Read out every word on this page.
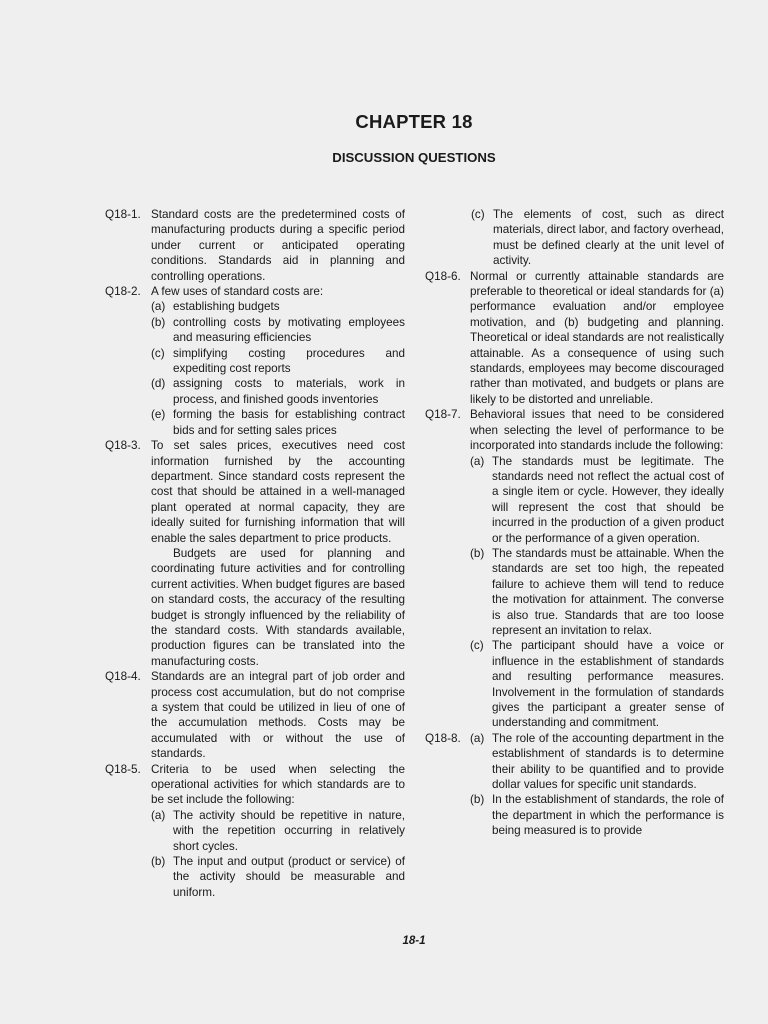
CHAPTER 18
DISCUSSION QUESTIONS
Q18-1. Standard costs are the predetermined costs of manufacturing products during a specific period under current or anticipated operating conditions. Standards aid in planning and controlling operations.

Q18-2. A few uses of standard costs are:

(a) establishing budgets
(b) controlling costs by motivating employees and measuring efficiencies
(c) simplifying costing procedures and expediting cost reports
(d) assigning costs to materials, work in process, and finished goods inventories
(e) forming the basis for establishing contract bids and for setting sales prices
Q18-3. To set sales prices, executives need cost information furnished by the accounting department. Since standard costs represent the cost that should be attained in a well-managed plant operated at normal capacity, they are ideally suited for furnishing information that will enable the sales department to price products.

Budgets are used for planning and coordinating future activities and for controlling current activities. When budget figures are based on standard costs, the accuracy of the resulting budget is strongly influenced by the reliability of the standard costs. With standards available, production figures can be translated into the manufacturing costs.

Q18-4. Standards are an integral part of job order and process cost accumulation, but do not comprise a system that could be utilized in lieu of one of the accumulation methods. Costs may be accumulated with or without the use of standards.

Q18-5. Criteria to be used when selecting the operational activities for which standards are to be set include the following:

(a) The activity should be repetitive in nature, with the repetition occurring in relatively short cycles.
(b) The input and output (product or service) of the activity should be measurable and uniform.
(c) The elements of cost, such as direct materials, direct labor, and factory overhead, must be defined clearly at the unit level of activity.
Q18-6. Normal or currently attainable standards are preferable to theoretical or ideal standards for (a) performance evaluation and/or employee motivation, and (b) budgeting and planning. Theoretical or ideal standards are not realistically attainable. As a consequence of using such standards, employees may become discouraged rather than motivated, and budgets or plans are likely to be distorted and unreliable.

Q18-7. Behavioral issues that need to be considered when selecting the level of performance to be incorporated into standards include the following:

(a) The standards must be legitimate. The standards need not reflect the actual cost of a single item or cycle. However, they ideally will represent the cost that should be incurred in the production of a given product or the performance of a given operation.
(b) The standards must be attainable. When the standards are set too high, the repeated failure to achieve them will tend to reduce the motivation for attainment. The converse is also true. Standards that are too loose represent an invitation to relax.
(c) The participant should have a voice or influence in the establishment of standards and resulting performance measures. Involvement in the formulation of standards gives the participant a greater sense of understanding and commitment.
Q18-8. (a) The role of the accounting department in the establishment of standards is to determine their ability to be quantified and to provide dollar values for specific unit standards.
(b) In the establishment of standards, the role of the department in which the performance is being measured is to provide
18-1
